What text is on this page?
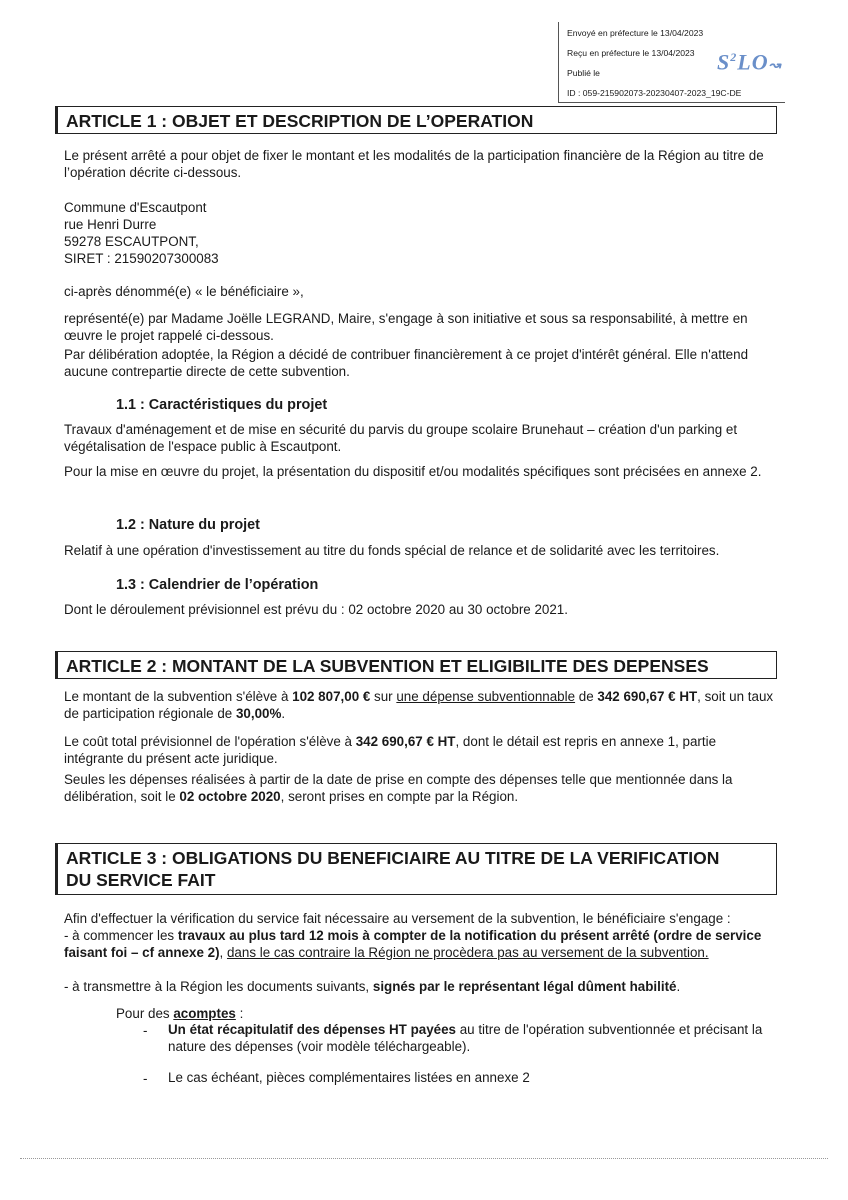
Envoyé en préfecture le 13/04/2023
Reçu en préfecture le 13/04/2023
Publié le
ID : 059-215902073-20230407-2023_19C-DE
$S^2LO↝$
ARTICLE 1 : OBJET ET DESCRIPTION DE L’OPERATION
Le présent arrêté a pour objet de fixer le montant et les modalités de la participation financière de la Région au titre de l’opération décrite ci-dessous.
Commune d'Escautpont
rue Henri Durre
59278 ESCAUTPONT,
SIRET : 21590207300083
ci-après dénommé(e) « le bénéficiaire »,
représenté(e) par Madame Joëlle LEGRAND, Maire, s'engage à son initiative et sous sa responsabilité, à mettre en œuvre le projet rappelé ci-dessous.
Par délibération adoptée, la Région a décidé de contribuer financièrement à ce projet d'intérêt général. Elle n'attend aucune contrepartie directe de cette subvention.
1.1 : Caractéristiques du projet
Travaux d'aménagement et de mise en sécurité du parvis du groupe scolaire Brunehaut – création d'un parking et végétalisation de l'espace public à Escautpont.
Pour la mise en œuvre du projet, la présentation du dispositif et/ou modalités spécifiques sont précisées en annexe 2.
1.2 : Nature du projet
Relatif à une opération d'investissement au titre du fonds spécial de relance et de solidarité avec les territoires.
1.3 : Calendrier de l’opération
Dont le déroulement prévisionnel est prévu du : 02 octobre 2020 au 30 octobre 2021.
ARTICLE 2 : MONTANT DE LA SUBVENTION ET ELIGIBILITE DES DEPENSES
Le montant de la subvention s'élève à 102 807,00 € sur une dépense subventionnable de 342 690,67 € HT, soit un taux de participation régionale de 30,00%.
Le coût total prévisionnel de l'opération s'élève à 342 690,67 € HT, dont le détail est repris en annexe 1, partie intégrante du présent acte juridique.
Seules les dépenses réalisées à partir de la date de prise en compte des dépenses telle que mentionnée dans la délibération, soit le 02 octobre 2020, seront prises en compte par la Région.
ARTICLE 3 : OBLIGATIONS DU BENEFICIAIRE AU TITRE DE LA VERIFICATION
DU SERVICE FAIT
Afin d'effectuer la vérification du service fait nécessaire au versement de la subvention, le bénéficiaire s'engage :
- à commencer les travaux au plus tard 12 mois à compter de la notification du présent arrêté (ordre de service faisant foi – cf annexe 2), dans le cas contraire la Région ne procèdera pas au versement de la subvention.
- à transmettre à la Région les documents suivants, signés par le représentant légal dûment habilité.
Pour des acomptes :
- Un état récapitulatif des dépenses HT payées au titre de l'opération subventionnée et précisant la nature des dépenses (voir modèle téléchargeable).
- Le cas échéant, pièces complémentaires listées en annexe 2
